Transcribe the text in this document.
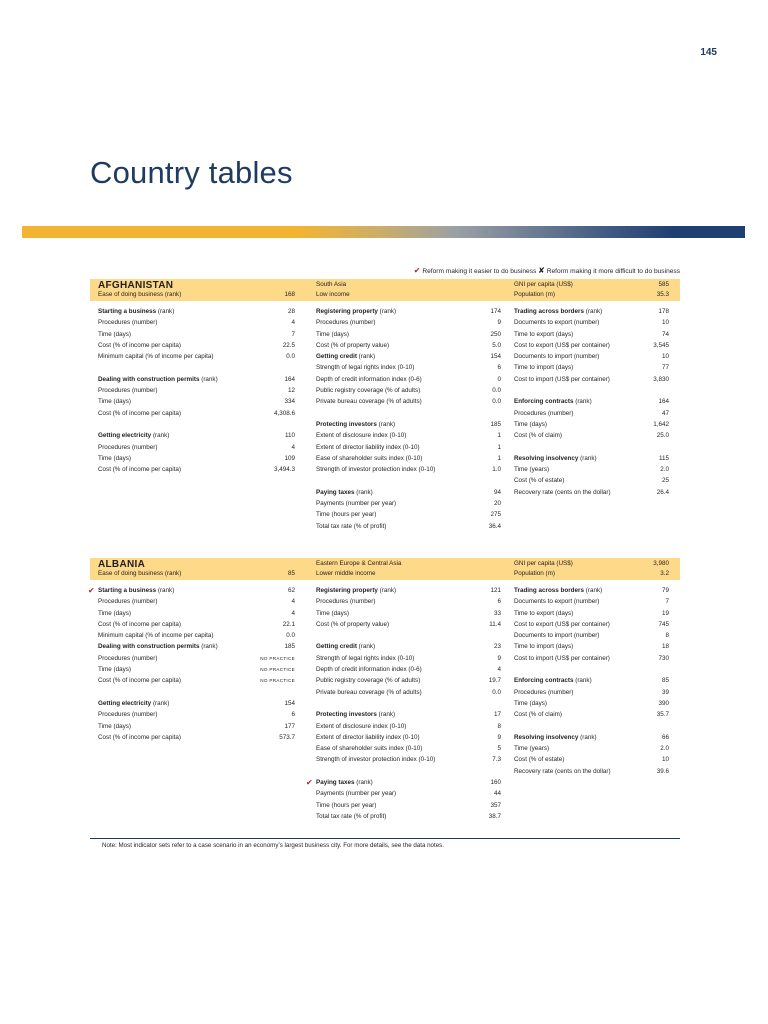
145
Country tables
✔ Reform making it easier to do business ✘ Reform making it more difficult to do business
AFGHANISTAN
Ease of doing business (rank)	168
South Asia
Low income
GNI per capita (US$)	585
Population (m)	35.3
Starting a business (rank)	28
Procedures (number)	4
Time (days)	7
Cost (% of income per capita)	22.5
Minimum capital (% of income per capita)	0.0
Dealing with construction permits (rank)	164
Procedures (number)	12
Time (days)	334
Cost (% of income per capita)	4,308.6
Getting electricity (rank)	110
Procedures (number)	4
Time (days)	109
Cost (% of income per capita)	3,494.3
Registering property (rank)	174
Procedures (number)	9
Time (days)	250
Cost (% of property value)	5.0
Getting credit (rank)	154
Strength of legal rights index (0-10)	6
Depth of credit information index (0-6)	0
Public registry coverage (% of adults)	0.0
Private bureau coverage (% of adults)	0.0
Protecting investors (rank)	185
Extent of disclosure index (0-10)	1
Extent of director liability index (0-10)	1
Ease of shareholder suits index (0-10)	1
Strength of investor protection index (0-10)	1.0
Paying taxes (rank)	94
Payments (number per year)	20
Time (hours per year)	275
Total tax rate (% of profit)	36.4
Trading across borders (rank)	178
Documents to export (number)	10
Time to export (days)	74
Cost to export (US$ per container)	3,545
Documents to import (number)	10
Time to import (days)	77
Cost to import (US$ per container)	3,830
Enforcing contracts (rank)	164
Procedures (number)	47
Time (days)	1,642
Cost (% of claim)	25.0
Resolving insolvency (rank)	115
Time (years)	2.0
Cost (% of estate)	25
Recovery rate (cents on the dollar)	26.4
ALBANIA
Ease of doing business (rank)	85
Eastern Europe & Central Asia
Lower middle income
GNI per capita (US$)	3,980
Population (m)	3.2
✔ Starting a business (rank)	62
Procedures (number)	4
Time (days)	4
Cost (% of income per capita)	22.1
Minimum capital (% of income per capita)	0.0
Dealing with construction permits (rank)	185
Procedures (number)	NO PRACTICE
Time (days)	NO PRACTICE
Cost (% of income per capita)	NO PRACTICE
Getting electricity (rank)	154
Procedures (number)	6
Time (days)	177
Cost (% of income per capita)	573.7
Registering property (rank)	121
Procedures (number)	6
Time (days)	33
Cost (% of property value)	11.4
Getting credit (rank)	23
Strength of legal rights index (0-10)	9
Depth of credit information index (0-6)	4
Public registry coverage (% of adults)	19.7
Private bureau coverage (% of adults)	0.0
Protecting investors (rank)	17
Extent of disclosure index (0-10)	8
Extent of director liability index (0-10)	9
Ease of shareholder suits index (0-10)	5
Strength of investor protection index (0-10)	7.3
✔ Paying taxes (rank)	160
Payments (number per year)	44
Time (hours per year)	357
Total tax rate (% of profit)	38.7
Trading across borders (rank)	79
Documents to export (number)	7
Time to export (days)	19
Cost to export (US$ per container)	745
Documents to import (number)	8
Time to import (days)	18
Cost to import (US$ per container)	730
Enforcing contracts (rank)	85
Procedures (number)	39
Time (days)	390
Cost (% of claim)	35.7
Resolving insolvency (rank)	66
Time (years)	2.0
Cost (% of estate)	10
Recovery rate (cents on the dollar)	39.6
Note: Most indicator sets refer to a case scenario in an economy’s largest business city. For more details, see the data notes.
